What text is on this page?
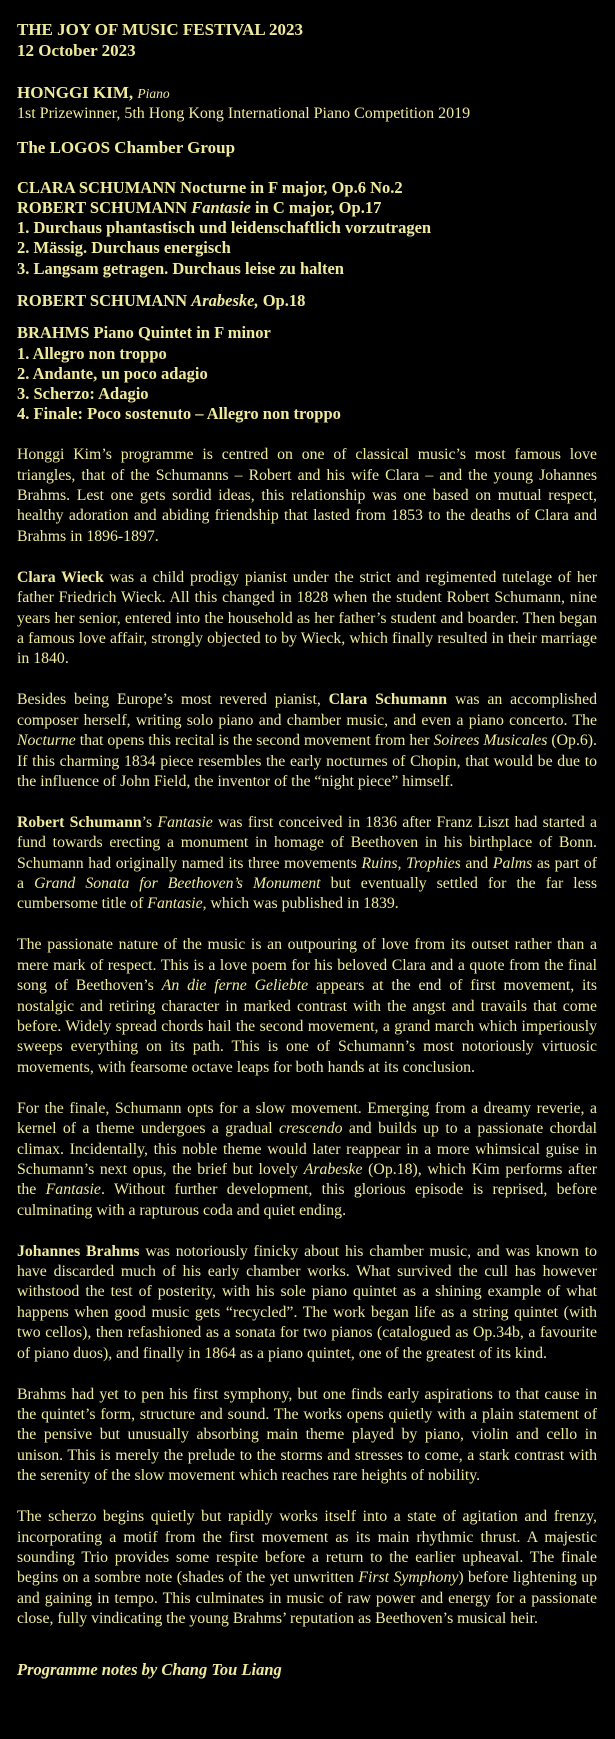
THE JOY OF MUSIC FESTIVAL 2023
12 October 2023
HONGGI KIM, Piano
1st Prizewinner, 5th Hong Kong International Piano Competition 2019
The LOGOS Chamber Group
CLARA SCHUMANN Nocturne in F major, Op.6 No.2
ROBERT SCHUMANN Fantasie in C major, Op.17
1. Durchaus phantastisch und leidenschaftlich vorzutragen
2. Mässig. Durchaus energisch
3. Langsam getragen. Durchaus leise zu halten
ROBERT SCHUMANN Arabeske, Op.18
BRAHMS Piano Quintet in F minor
1. Allegro non troppo
2. Andante, un poco adagio
3. Scherzo: Adagio
4. Finale: Poco sostenuto – Allegro non troppo

Honggi Kim’s programme is centred on one of classical music’s most famous love triangles, that of the Schumanns – Robert and his wife Clara – and the young Johannes Brahms. Lest one gets sordid ideas, this relationship was one based on mutual respect, healthy adoration and abiding friendship that lasted from 1853 to the deaths of Clara and Brahms in 1896-1897.

Clara Wieck was a child prodigy pianist under the strict and regimented tutelage of her father Friedrich Wieck. All this changed in 1828 when the student Robert Schumann, nine years her senior, entered into the household as her father’s student and boarder. Then began a famous love affair, strongly objected to by Wieck, which finally resulted in their marriage in 1840.

Besides being Europe’s most revered pianist, Clara Schumann was an accomplished composer herself, writing solo piano and chamber music, and even a piano concerto. The Nocturne that opens this recital is the second movement from her Soirees Musicales (Op.6). If this charming 1834 piece resembles the early nocturnes of Chopin, that would be due to the influence of John Field, the inventor of the “night piece” himself.

Robert Schumann’s Fantasie was first conceived in 1836 after Franz Liszt had started a fund towards erecting a monument in homage of Beethoven in his birthplace of Bonn. Schumann had originally named its three movements Ruins, Trophies and Palms as part of a Grand Sonata for Beethoven’s Monument but eventually settled for the far less cumbersome title of Fantasie, which was published in 1839.

The passionate nature of the music is an outpouring of love from its outset rather than a mere mark of respect. This is a love poem for his beloved Clara and a quote from the final song of Beethoven’s An die ferne Geliebte appears at the end of first movement, its nostalgic and retiring character in marked contrast with the angst and travails that come before. Widely spread chords hail the second movement, a grand march which imperiously sweeps everything on its path. This is one of Schumann’s most notoriously virtuosic movements, with fearsome octave leaps for both hands at its conclusion.

For the finale, Schumann opts for a slow movement. Emerging from a dreamy reverie, a kernel of a theme undergoes a gradual crescendo and builds up to a passionate chordal climax. Incidentally, this noble theme would later reappear in a more whimsical guise in Schumann’s next opus, the brief but lovely Arabeske (Op.18), which Kim performs after the Fantasie. Without further development, this glorious episode is reprised, before culminating with a rapturous coda and quiet ending.

Johannes Brahms was notoriously finicky about his chamber music, and was known to have discarded much of his early chamber works. What survived the cull has however withstood the test of posterity, with his sole piano quintet as a shining example of what happens when good music gets “recycled”. The work began life as a string quintet (with two cellos), then refashioned as a sonata for two pianos (catalogued as Op.34b, a favourite of piano duos), and finally in 1864 as a piano quintet, one of the greatest of its kind.

Brahms had yet to pen his first symphony, but one finds early aspirations to that cause in the quintet’s form, structure and sound. The works opens quietly with a plain statement of the pensive but unusually absorbing main theme played by piano, violin and cello in unison. This is merely the prelude to the storms and stresses to come, a stark contrast with the serenity of the slow movement which reaches rare heights of nobility.

The scherzo begins quietly but rapidly works itself into a state of agitation and frenzy, incorporating a motif from the first movement as its main rhythmic thrust. A majestic sounding Trio provides some respite before a return to the earlier upheaval. The finale begins on a sombre note (shades of the yet unwritten First Symphony) before lightening up and gaining in tempo. This culminates in music of raw power and energy for a passionate close, fully vindicating the young Brahms’ reputation as Beethoven’s musical heir.

Programme notes by Chang Tou Liang
